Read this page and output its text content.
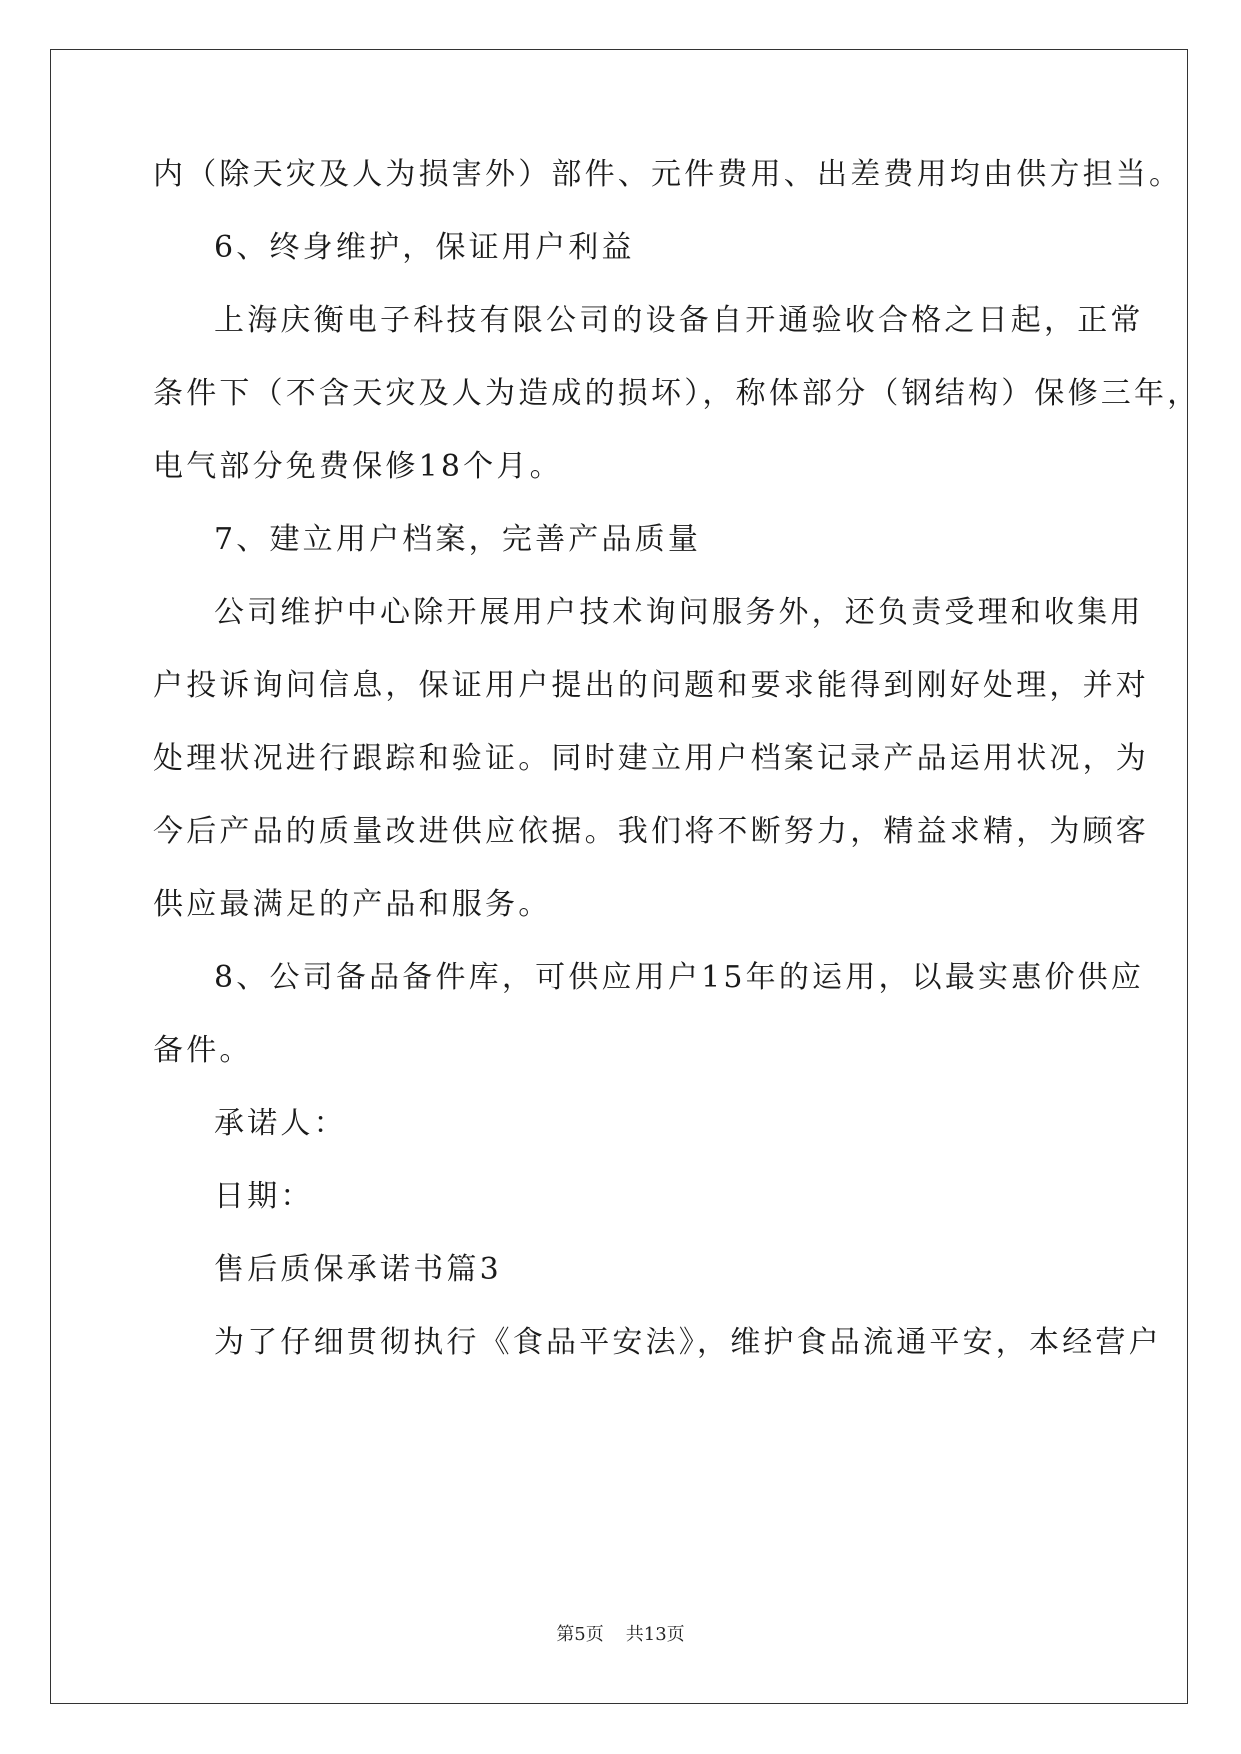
内（除天灾及人为损害外）部件、元件费用、出差费用均由供方担当。
6、终身维护，保证用户利益
上海庆衡电子科技有限公司的设备自开通验收合格之日起，正常
条件下（不含天灾及人为造成的损坏），称体部分（钢结构）保修三年，
电气部分免费保修18个月。
7、建立用户档案，完善产品质量
公司维护中心除开展用户技术询问服务外，还负责受理和收集用
户投诉询问信息，保证用户提出的问题和要求能得到刚好处理，并对
处理状况进行跟踪和验证。同时建立用户档案记录产品运用状况，为
今后产品的质量改进供应依据。我们将不断努力，精益求精，为顾客
供应最满足的产品和服务。
8、公司备品备件库，可供应用户15年的运用，以最实惠价供应
备件。
承诺人：
日期：
售后质保承诺书篇3
为了仔细贯彻执行《食品平安法》，维护食品流通平安，本经营户
第5页 共13页
